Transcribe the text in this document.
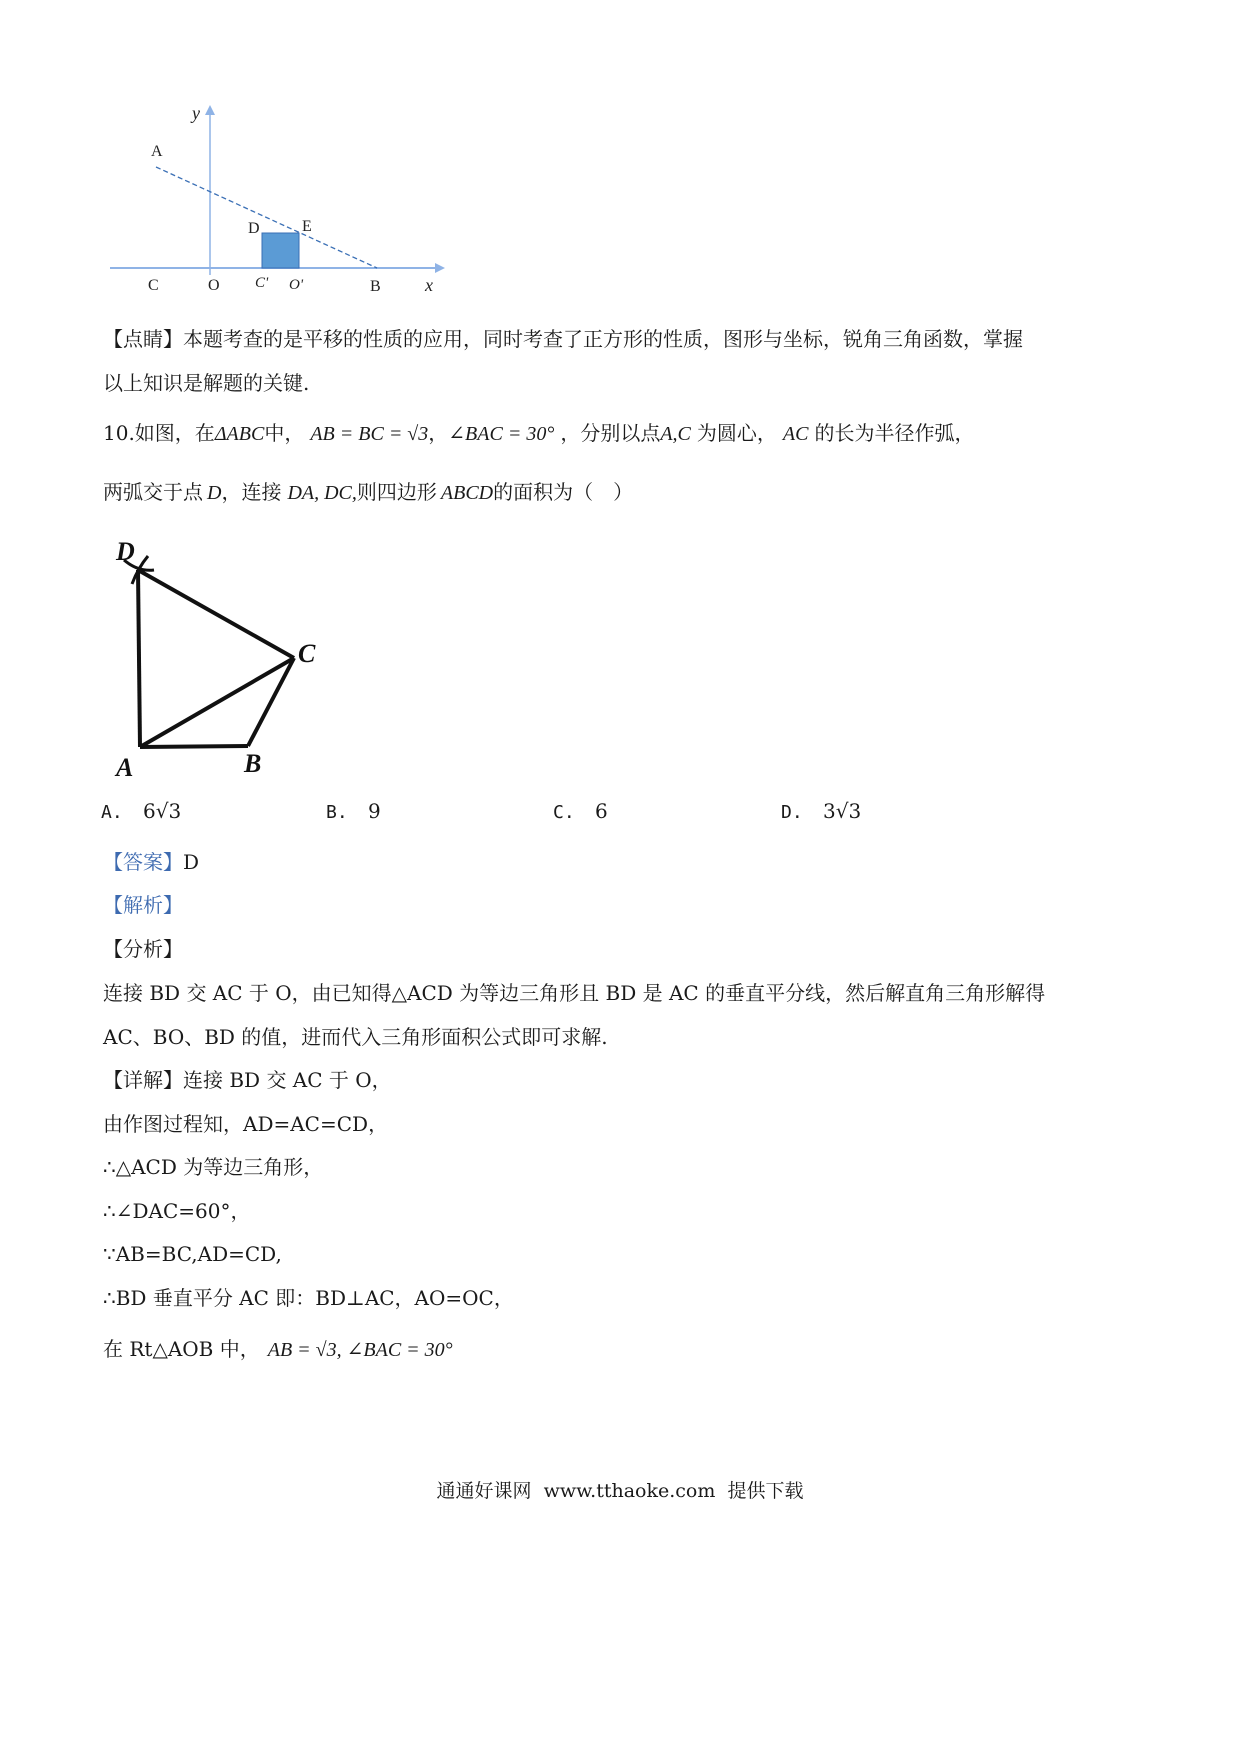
y
x
A
D	E
C	O C' O'	B
【点睛】本题考查的是平移的性质的应用，同时考查了正方形的性质，图形与坐标，锐角三角函数，掌握
以上知识是解题的关键.
10.如图，在ΔABC中， AB = BC = √3，∠BAC = 30° ，分别以点A,C 为圆心， AC 的长为半径作弧，
两弧交于点 D，连接 DA, DC,则四边形 ABCD的面积为（　）
D
C
A	B
A. 6√3	B. 9	C. 6	D. 3√3
【答案】D
【解析】
【分析】
连接 BD 交 AC 于 O，由已知得△ACD 为等边三角形且 BD 是 AC 的垂直平分线，然后解直角三角形解得
AC、BO、BD 的值，进而代入三角形面积公式即可求解.
【详解】连接 BD 交 AC 于 O，
由作图过程知，AD=AC=CD，
∴△ACD 为等边三角形，
∴∠DAC=60°，
∵AB=BC,AD=CD,
∴BD 垂直平分 AC 即：BD⊥AC，AO=OC，
在 Rt△AOB 中， AB = √3, ∠BAC = 30°
通通好课网  www.tthaoke.com  提供下载
